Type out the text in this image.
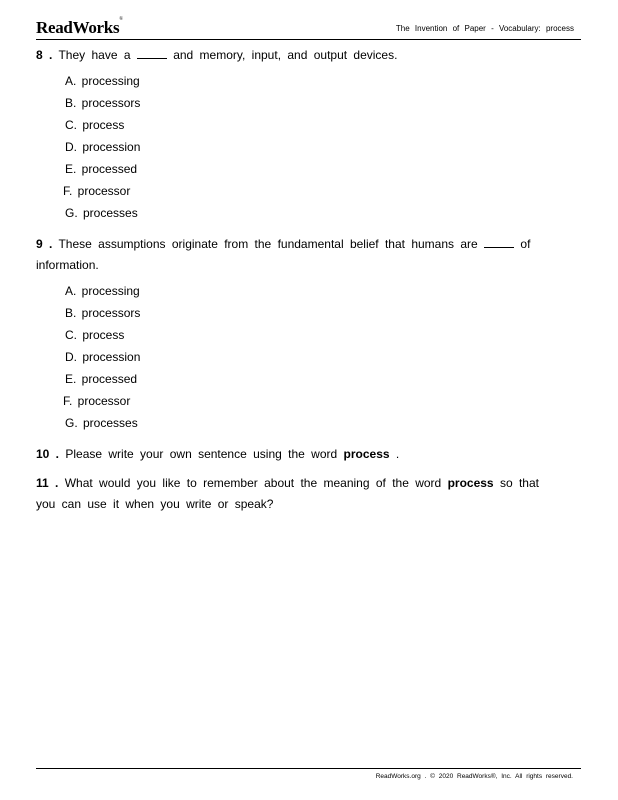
ReadWorks®
The Invention of Paper - Vocabulary: process
8 . They have a	and memory, input, and output devices.
A. processing
B. processors
C. process
D. procession
E. processed
F. processor
G. processes
9 . These assumptions originate from the fundamental belief that humans are	of information.
A. processing
B. processors
C. process
D. procession
E. processed
F. processor
G. processes
10 . Please write your own sentence using the word process .
11 . What would you like to remember about the meaning of the word process so that you can use it when you write or speak?
ReadWorks.org . © 2020 ReadWorks®, Inc. All rights reserved.
